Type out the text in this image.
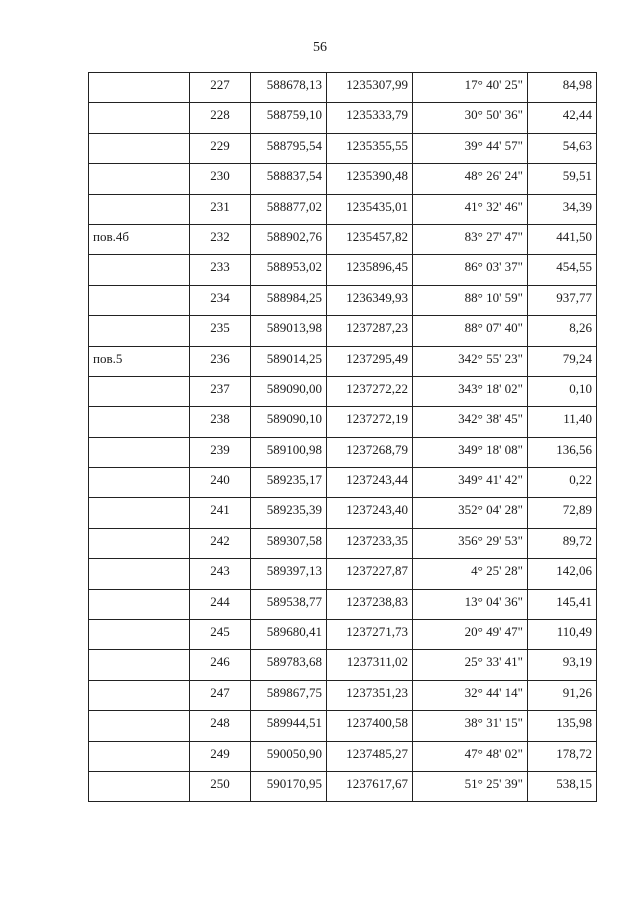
56
	227	588678,13	1235307,99	17° 40' 25"	84,98
	228	588759,10	1235333,79	30° 50' 36"	42,44
	229	588795,54	1235355,55	39° 44' 57"	54,63
	230	588837,54	1235390,48	48° 26' 24"	59,51
	231	588877,02	1235435,01	41° 32' 46"	34,39
пов.4б	232	588902,76	1235457,82	83° 27' 47"	441,50
	233	588953,02	1235896,45	86° 03' 37"	454,55
	234	588984,25	1236349,93	88° 10' 59"	937,77
	235	589013,98	1237287,23	88° 07' 40"	8,26
пов.5	236	589014,25	1237295,49	342° 55' 23"	79,24
	237	589090,00	1237272,22	343° 18' 02"	0,10
	238	589090,10	1237272,19	342° 38' 45"	11,40
	239	589100,98	1237268,79	349° 18' 08"	136,56
	240	589235,17	1237243,44	349° 41' 42"	0,22
	241	589235,39	1237243,40	352° 04' 28"	72,89
	242	589307,58	1237233,35	356° 29' 53"	89,72
	243	589397,13	1237227,87	4° 25' 28"	142,06
	244	589538,77	1237238,83	13° 04' 36"	145,41
	245	589680,41	1237271,73	20° 49' 47"	110,49
	246	589783,68	1237311,02	25° 33' 41"	93,19
	247	589867,75	1237351,23	32° 44' 14"	91,26
	248	589944,51	1237400,58	38° 31' 15"	135,98
	249	590050,90	1237485,27	47° 48' 02"	178,72
	250	590170,95	1237617,67	51° 25' 39"	538,15
